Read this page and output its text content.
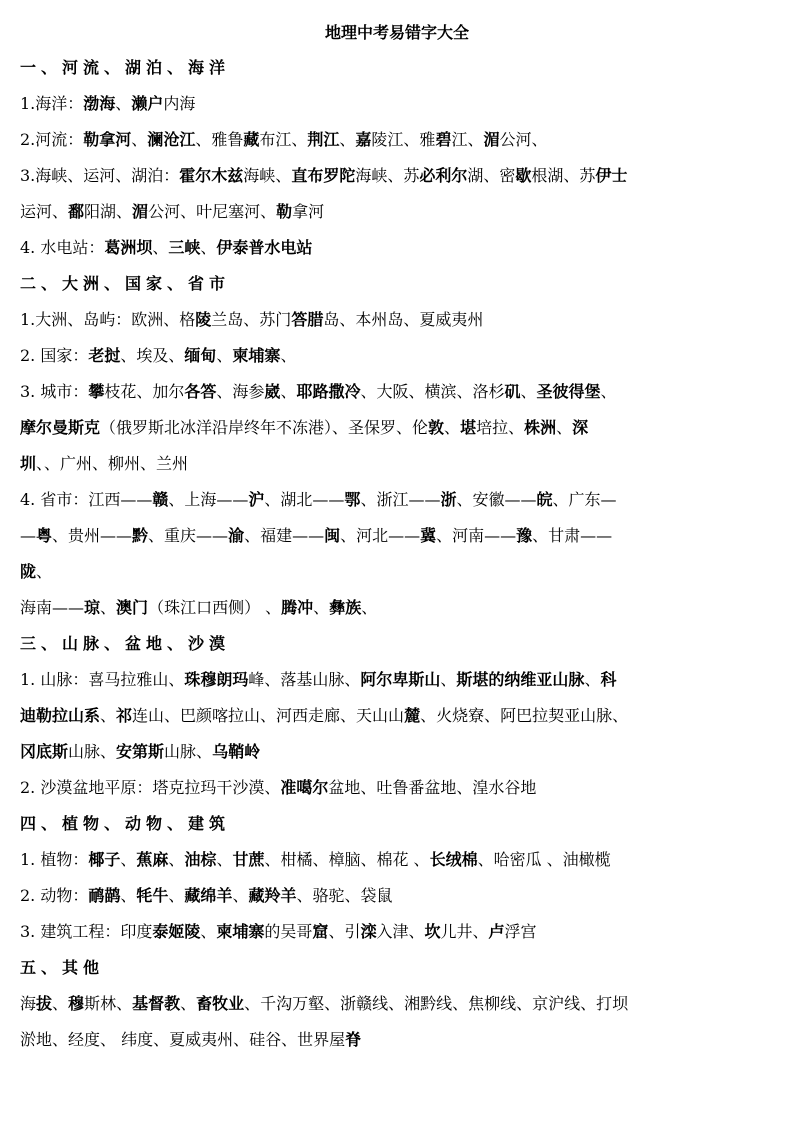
地理中考易错字大全
一、河流、湖泊、海洋
1.海洋：渤海、濑户内海
2.河流：勒拿河、澜沧江、雅鲁藏布江、荆江、嘉陵江、雅碧江、湄公河、
3.海峡、运河、湖泊：霍尔木兹海峡、直布罗陀海峡、苏必利尔湖、密歇根湖、苏伊士
运河、鄱阳湖、湄公河、叶尼塞河、勒拿河
4. 水电站：葛洲坝、三峡、伊泰普水电站
二、大洲、国家、省市
1.大洲、岛屿：欧洲、格陵兰岛、苏门答腊岛、本州岛、夏威夷州
2. 国家：老挝、埃及、缅甸、柬埔寨、
3. 城市：攀枝花、加尔各答、海参崴、耶路撒冷、大阪、横滨、洛杉矶、圣彼得堡、
摩尔曼斯克（俄罗斯北冰洋沿岸终年不冻港）、圣保罗、伦敦、堪培拉、株洲、深
圳、、广州、柳州、兰州
4. 省市：江西——赣、上海——沪、湖北——鄂、浙江——浙、安徽——皖、广东—
—粤、贵州——黔、重庆——渝、福建——闽、河北——冀、河南——豫、甘肃——
陇、
海南——琼、澳门（珠江口西侧） 、腾冲、彝族、
三、山脉、盆地、沙漠
1. 山脉：喜马拉雅山、珠穆朗玛峰、落基山脉、阿尔卑斯山、斯堪的纳维亚山脉、科
迪勒拉山系、祁连山、巴颜喀拉山、河西走廊、天山山麓、火烧寮、阿巴拉契亚山脉、
冈底斯山脉、安第斯山脉、乌鞘岭
2. 沙漠盆地平原：塔克拉玛干沙漠、准噶尔盆地、吐鲁番盆地、湟水谷地
四、植物、动物、建筑
1. 植物：椰子、蕉麻、油棕、甘蔗、柑橘、樟脑、棉花 、长绒棉、哈密瓜 、油橄榄
2. 动物：鸸鹋、牦牛、藏绵羊、藏羚羊、骆驼、袋鼠
3. 建筑工程：印度泰姬陵、柬埔寨的吴哥窟、引滦入津、坎儿井、卢浮宫
五、其他
海拔、穆斯林、基督教、畜牧业、千沟万壑、浙赣线、湘黔线、焦柳线、京沪线、打坝
淤地、经度、 纬度、夏威夷州、硅谷、世界屋脊
